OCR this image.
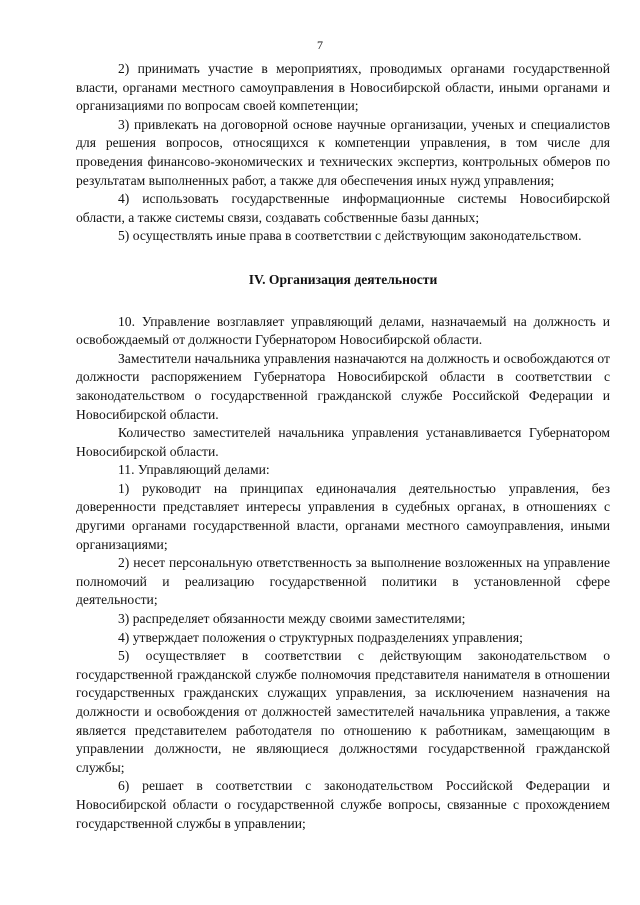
7

2) принимать участие в мероприятиях, проводимых органами государственной власти, органами местного самоуправления в Новосибирской области, иными органами и организациями по вопросам своей компетенции;

3) привлекать на договорной основе научные организации, ученых и специалистов для решения вопросов, относящихся к компетенции управления, в том числе для проведения финансово-экономических и технических экспертиз, контрольных обмеров по результатам выполненных работ, а также для обеспечения иных нужд управления;

4) использовать государственные информационные системы Новосибирской области, а также системы связи, создавать собственные базы данных;

5) осуществлять иные права в соответствии с действующим законодательством.

IV. Организация деятельности

10. Управление возглавляет управляющий делами, назначаемый на должность и освобождаемый от должности Губернатором Новосибирской области.

Заместители начальника управления назначаются на должность и освобождаются от должности распоряжением Губернатора Новосибирской области в соответствии с законодательством о государственной гражданской службе Российской Федерации и Новосибирской области.

Количество заместителей начальника управления устанавливается Губернатором Новосибирской области.

11. Управляющий делами:

1) руководит на принципах единоначалия деятельностью управления, без доверенности представляет интересы управления в судебных органах, в отношениях с другими органами государственной власти, органами местного самоуправления, иными организациями;

2) несет персональную ответственность за выполнение возложенных на управление полномочий и реализацию государственной политики в установленной сфере деятельности;

3) распределяет обязанности между своими заместителями;

4) утверждает положения о структурных подразделениях управления;

5) осуществляет в соответствии с действующим законодательством о государственной гражданской службе полномочия представителя нанимателя в отношении государственных гражданских служащих управления, за исключением назначения на должности и освобождения от должностей заместителей начальника управления, а также является представителем работодателя по отношению к работникам, замещающим в управлении должности, не являющиеся должностями государственной гражданской службы;

6) решает в соответствии с законодательством Российской Федерации и Новосибирской области о государственной службе вопросы, связанные с прохождением государственной службы в управлении;
